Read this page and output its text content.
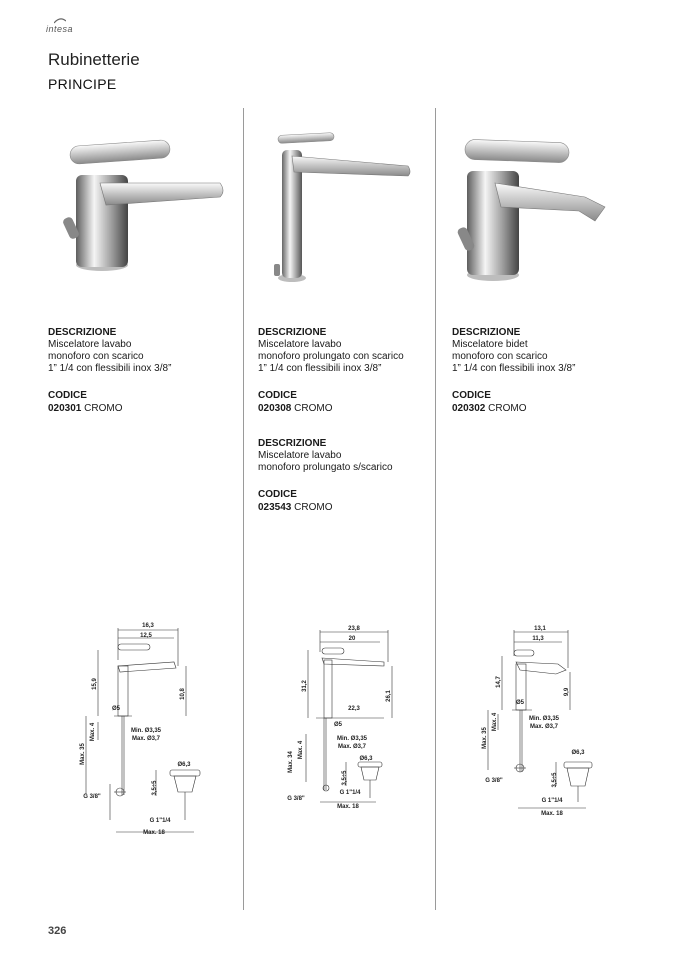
intesa
Rubinetterie
PRINCIPE
DESCRIZIONE
Miscelatore lavabo
monoforo con scarico
1” 1/4 con flessibili inox 3/8”
CODICE
020301 CROMO
DESCRIZIONE
Miscelatore lavabo
monoforo prolungato con scarico
1” 1/4 con flessibili inox 3/8”
CODICE
020308 CROMO
DESCRIZIONE
Miscelatore lavabo
monoforo prolungato s/scarico
CODICE
023543 CROMO
DESCRIZIONE
Miscelatore bidet
monoforo con scarico
1” 1/4 con flessibili inox 3/8”
CODICE
020302 CROMO
16,3
12,5
15,9
10,8
Ø5
Max. 4
Max. 35
Min. Ø3,35
Max. Ø3,7
Ø6,3
3,5÷5
G 3/8"
G 1"1/4
Max. 18
23,8
20
31,2
26,1
22,3
Ø5
Max. 4
Max. 34
Min. Ø3,35
Max. Ø3,7
Ø6,3
3,5÷5
G 3/8"
G 1"1/4
Max. 18
13,1
11,3
14,7
9,9
Ø5
Max. 4
Max. 35
Min. Ø3,35
Max. Ø3,7
Ø6,3
3,5÷5
G 3/8"
G 1"1/4
Max. 18
326
